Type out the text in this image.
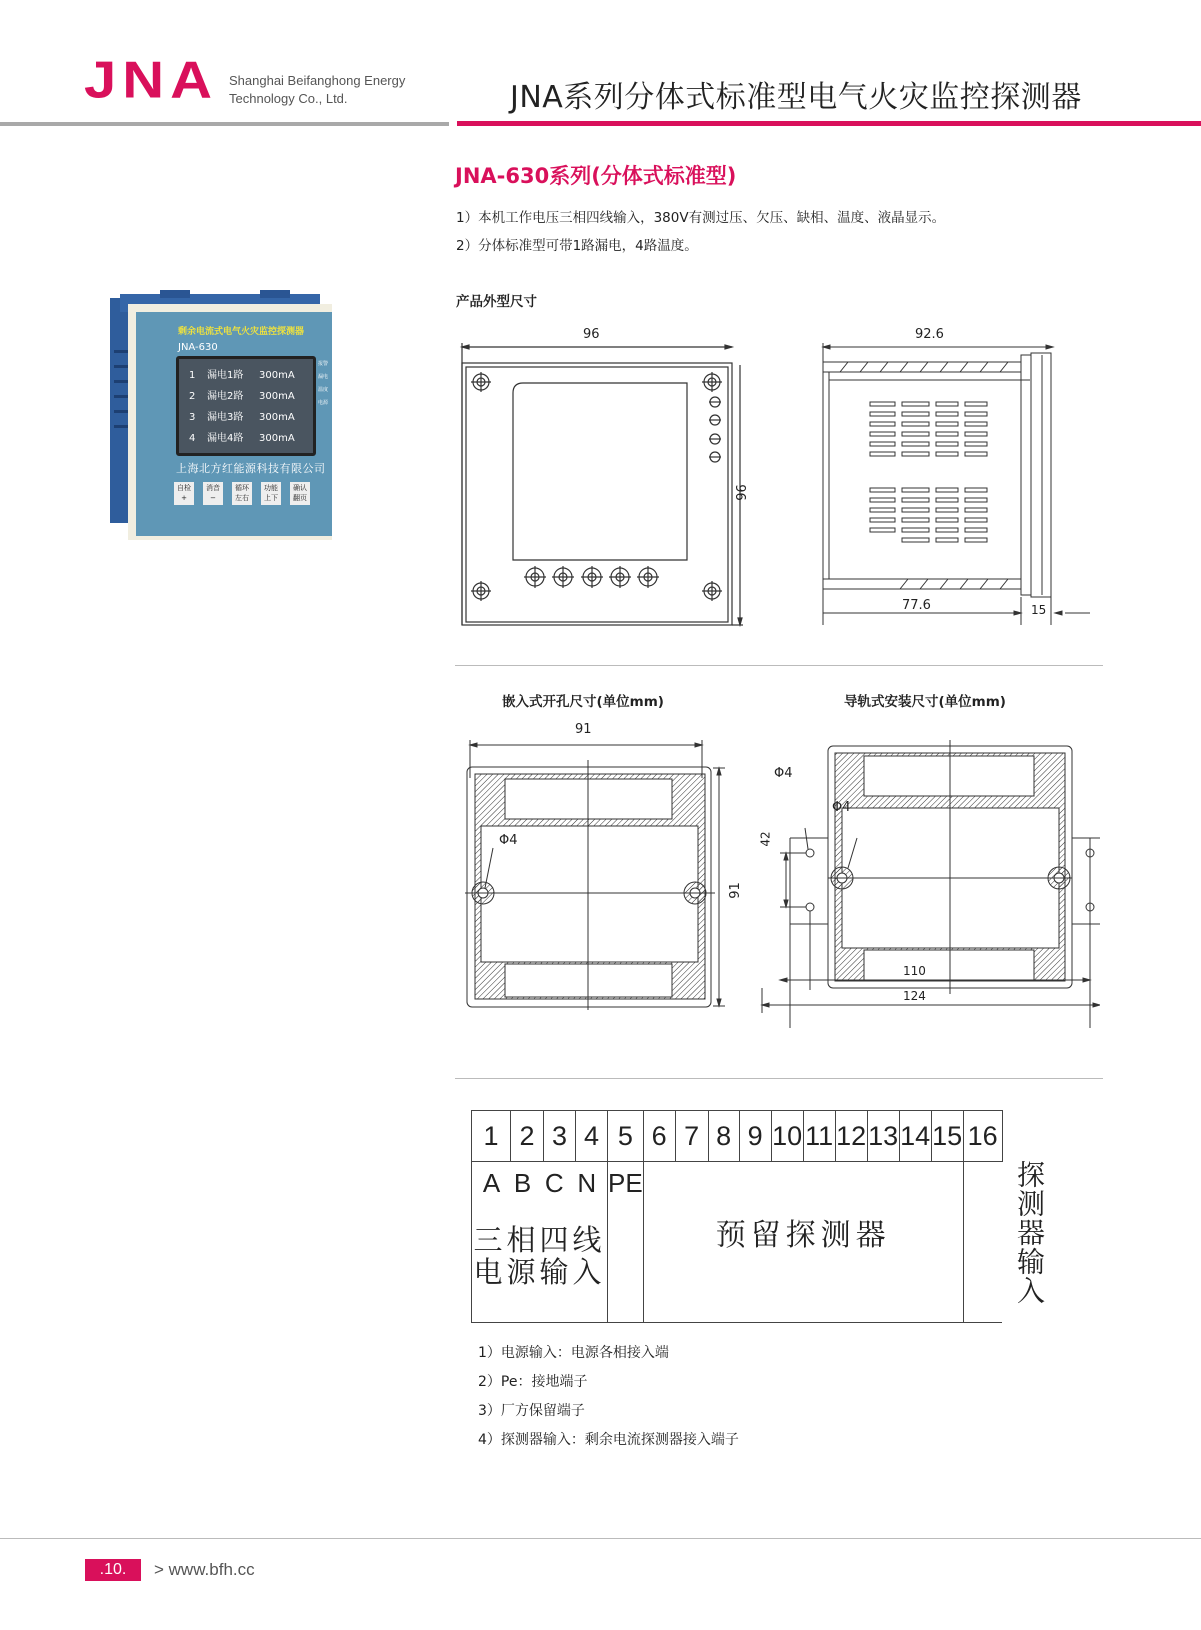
JNA Shanghai Beifanghong Energy
Technology Co., Ltd.	JNA系列分体式标准型电气火灾监控探测器
JNA-630系列(分体式标准型)
1）本机工作电压三相四线输入，380V有测过压、欠压、缺相、温度、液晶显示。
2）分体标准型可带1路漏电，4路温度。
产品外型尺寸
剩余电流式电气火灾监控探测器
JNA-630
1 漏电1路 300mA
2 漏电2路 300mA
3 漏电3路 300mA
4 漏电4路 300mA
报警
漏电
温度
电源
上海北方红能源科技有限公司
自检
+
消音
−
循环
左右
功能
上下
确认
翻页
96
96
92.6
77.6	15
嵌入式开孔尺寸(单位mm)
91
91
Φ4
导轨式安装尺寸(单位mm)
Φ4
Φ4
42
110
124
1	2	3	4	5	6	7	8	9	10	11	12	13	14	15	16

A B C N
三相四线
电源输入
	PE	预留探测器		探测器输入
1）电源输入：电源各相接入端
2）Pe：接地端子
3）厂方保留端子
4）探测器输入：剩余电流探测器接入端子
.10.	> www.bfh.cc
